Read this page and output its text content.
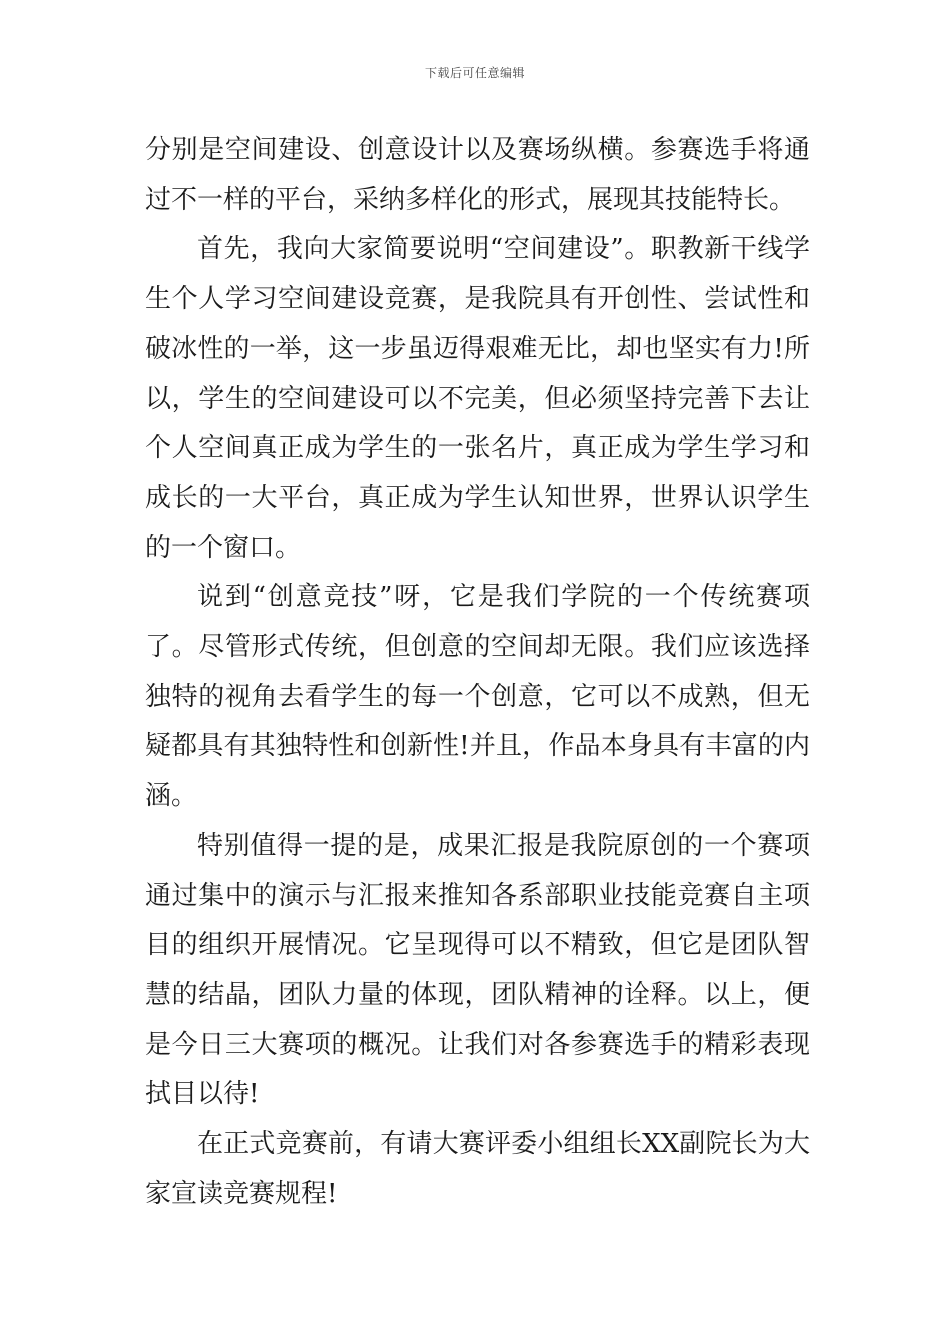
下载后可任意编辑

分别是空间建设、创意设计以及赛场纵横。参赛选手将通过不一样的平台，采纳多样化的形式，展现其技能特长。

首先，我向大家简要说明“空间建设”。职教新干线学生个人学习空间建设竞赛，是我院具有开创性、尝试性和破冰性的一举，这一步虽迈得艰难无比，却也坚实有力!所以，学生的空间建设可以不完美，但必须坚持完善下去让个人空间真正成为学生的一张名片，真正成为学生学习和成长的一大平台，真正成为学生认知世界，世界认识学生的一个窗口。

说到“创意竞技”呀，它是我们学院的一个传统赛项了。尽管形式传统，但创意的空间却无限。我们应该选择独特的视角去看学生的每一个创意，它可以不成熟，但无疑都具有其独特性和创新性!并且，作品本身具有丰富的内涵。

特别值得一提的是，成果汇报是我院原创的一个赛项通过集中的演示与汇报来推知各系部职业技能竞赛自主项目的组织开展情况。它呈现得可以不精致，但它是团队智慧的结晶，团队力量的体现，团队精神的诠释。以上，便是今日三大赛项的概况。让我们对各参赛选手的精彩表现拭目以待!

在正式竞赛前，有请大赛评委小组组长XX副院长为大家宣读竞赛规程!
